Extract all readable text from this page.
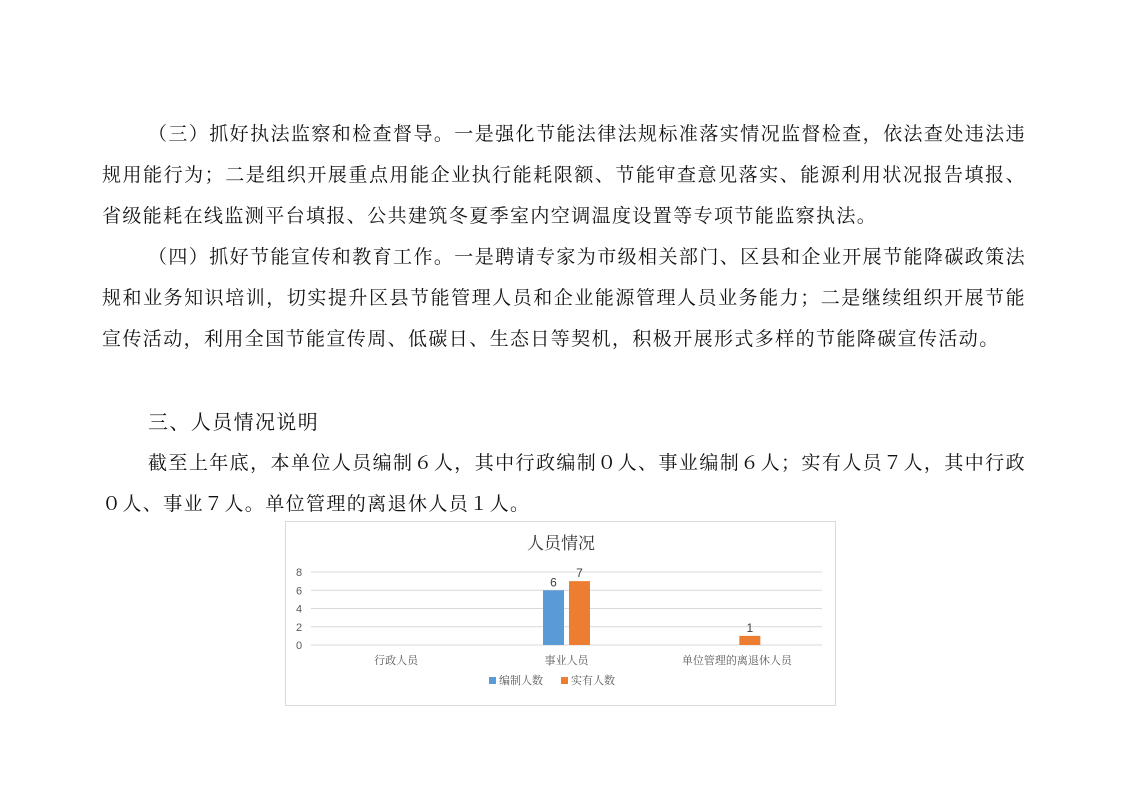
（三）抓好执法监察和检查督导。一是强化节能法律法规标准落实情况监督检查，依法查处违法违规用能行为；二是组织开展重点用能企业执行能耗限额、节能审查意见落实、能源利用状况报告填报、省级能耗在线监测平台填报、公共建筑冬夏季室内空调温度设置等专项节能监察执法。

（四）抓好节能宣传和教育工作。一是聘请专家为市级相关部门、区县和企业开展节能降碳政策法规和业务知识培训，切实提升区县节能管理人员和企业能源管理人员业务能力；二是继续组织开展节能宣传活动，利用全国节能宣传周、低碳日、生态日等契机，积极开展形式多样的节能降碳宣传活动。

三、人员情况说明

截至上年底，本单位人员编制６人，其中行政编制０人、事业编制６人；实有人员７人，其中行政０人、事业７人。单位管理的离退休人员１人。

人员情况
0
2
4
6
8
行政人员
6
7
事业人员
1
单位管理的离退休人员
编制人数	实有人数
